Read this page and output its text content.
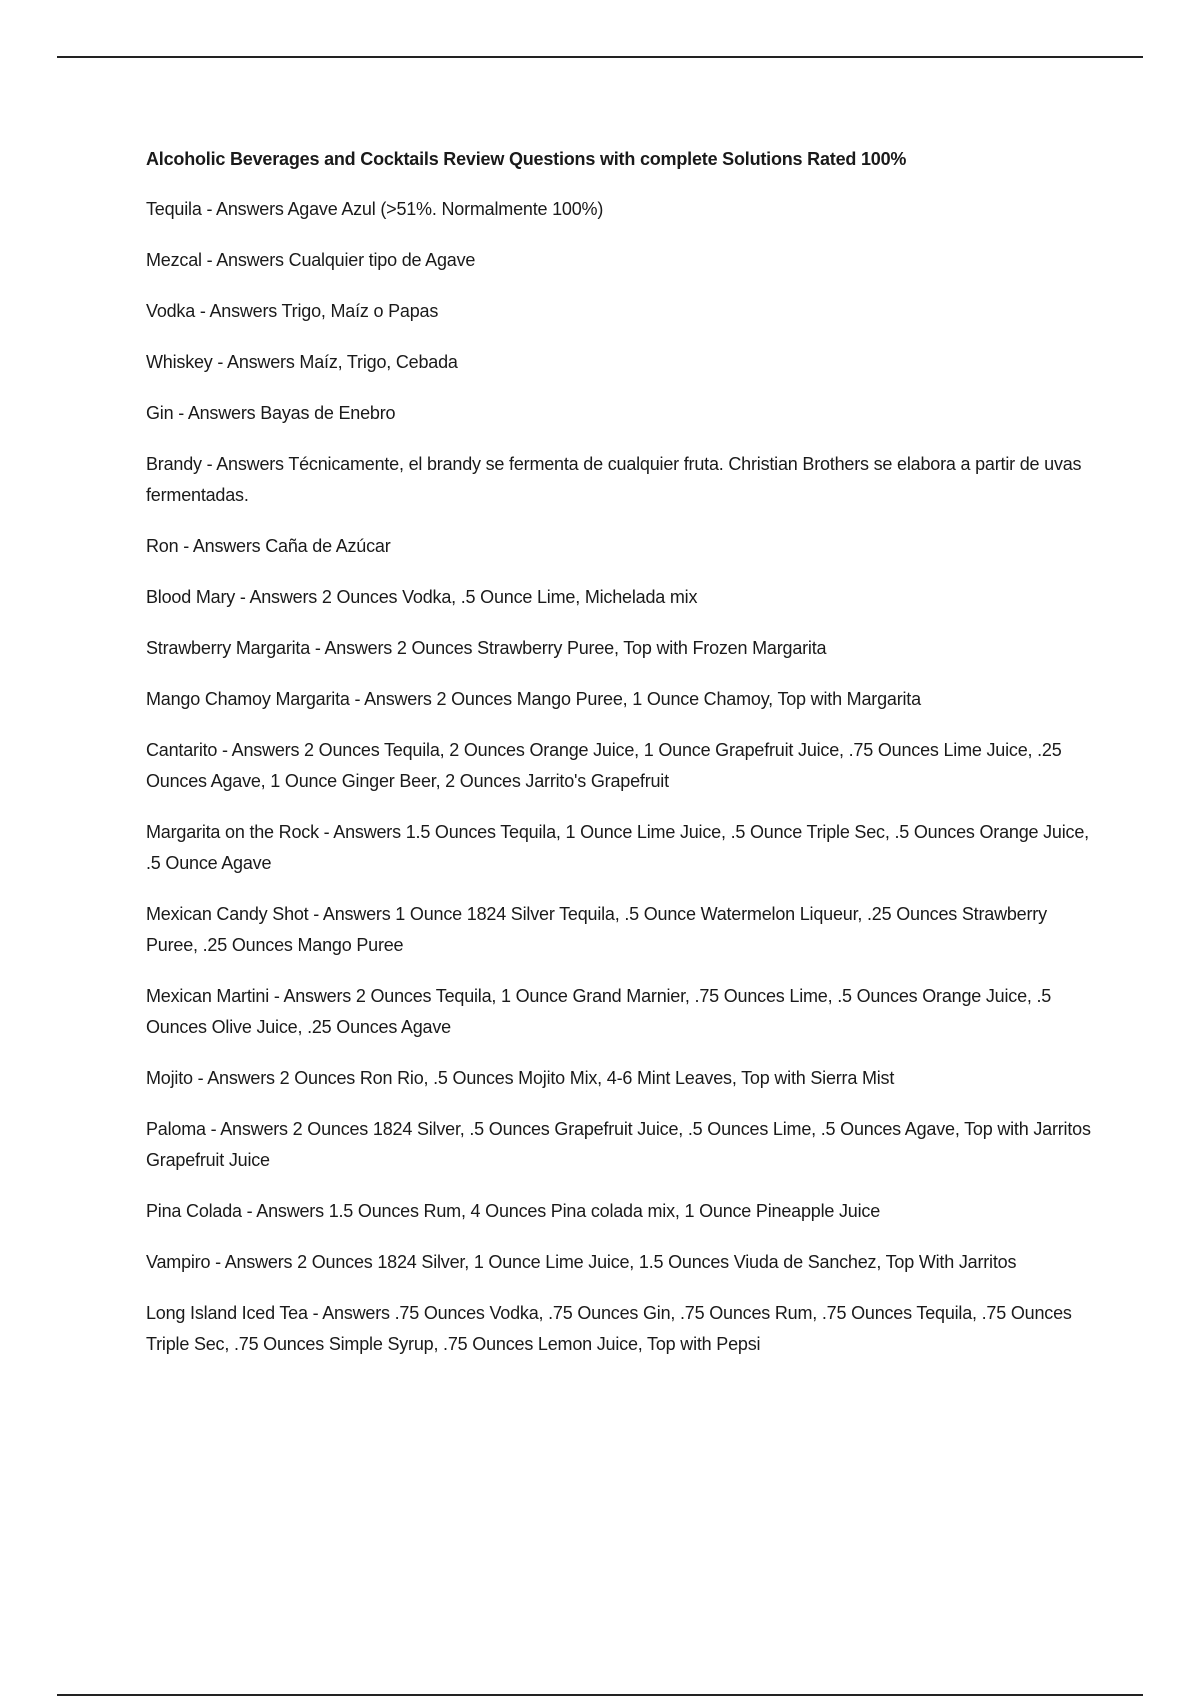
Alcoholic Beverages and Cocktails Review Questions with complete Solutions Rated 100%
Tequila - Answers Agave Azul (>51%. Normalmente 100%)
Mezcal - Answers Cualquier tipo de Agave
Vodka - Answers Trigo, Maíz o Papas
Whiskey - Answers Maíz, Trigo, Cebada
Gin - Answers Bayas de Enebro
Brandy - Answers Técnicamente, el brandy se fermenta de cualquier fruta. Christian Brothers se elabora a partir de uvas fermentadas.
Ron - Answers Caña de Azúcar
Blood Mary - Answers 2 Ounces Vodka, .5 Ounce Lime, Michelada mix
Strawberry Margarita - Answers 2 Ounces Strawberry Puree, Top with Frozen Margarita
Mango Chamoy Margarita - Answers 2 Ounces Mango Puree, 1 Ounce Chamoy, Top with Margarita
Cantarito - Answers 2 Ounces Tequila, 2 Ounces Orange Juice, 1 Ounce Grapefruit Juice, .75 Ounces Lime Juice, .25 Ounces Agave, 1 Ounce Ginger Beer, 2 Ounces Jarrito's Grapefruit
Margarita on the Rock - Answers 1.5 Ounces Tequila, 1 Ounce Lime Juice, .5 Ounce Triple Sec, .5 Ounces Orange Juice, .5 Ounce Agave
Mexican Candy Shot - Answers 1 Ounce 1824 Silver Tequila, .5 Ounce Watermelon Liqueur, .25 Ounces Strawberry Puree, .25 Ounces Mango Puree
Mexican Martini - Answers 2 Ounces Tequila, 1 Ounce Grand Marnier, .75 Ounces Lime, .5 Ounces Orange Juice, .5 Ounces Olive Juice, .25 Ounces Agave
Mojito - Answers 2 Ounces Ron Rio, .5 Ounces Mojito Mix, 4-6 Mint Leaves, Top with Sierra Mist
Paloma - Answers 2 Ounces 1824 Silver, .5 Ounces Grapefruit Juice, .5 Ounces Lime, .5 Ounces Agave, Top with Jarritos Grapefruit Juice
Pina Colada - Answers 1.5 Ounces Rum, 4 Ounces Pina colada mix, 1 Ounce Pineapple Juice
Vampiro - Answers 2 Ounces 1824 Silver, 1 Ounce Lime Juice, 1.5 Ounces Viuda de Sanchez, Top With Jarritos
Long Island Iced Tea - Answers .75 Ounces Vodka, .75 Ounces Gin, .75 Ounces Rum, .75 Ounces Tequila, .75 Ounces Triple Sec, .75 Ounces Simple Syrup, .75 Ounces Lemon Juice, Top with Pepsi
